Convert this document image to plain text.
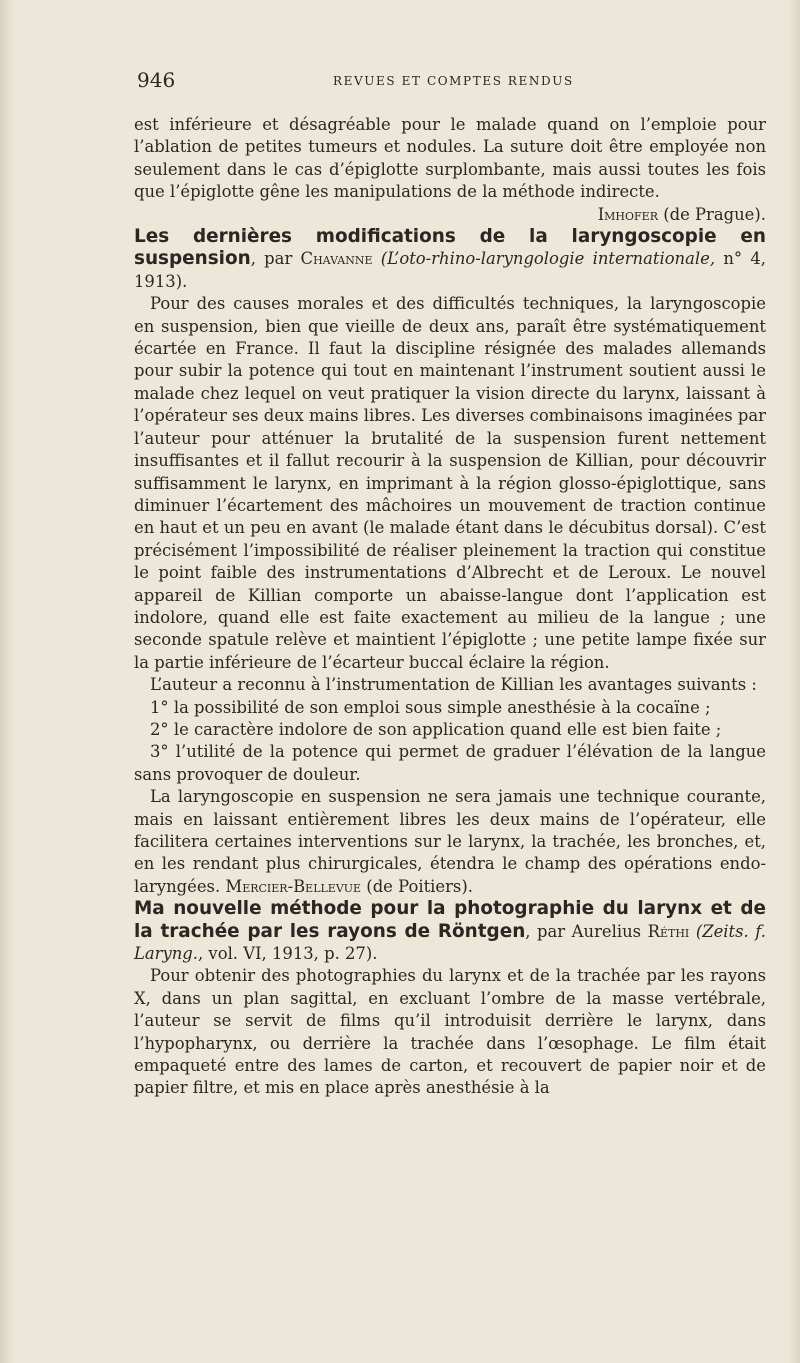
946	REVUES ET COMPTES RENDUS

est inférieure et désagréable pour le malade quand on l’emploie pour l’ablation de petites tumeurs et nodules. La suture doit être employée non seulement dans le cas d’épiglotte surplombante, mais aussi toutes les fois que l’épiglotte gêne les manipulations de la méthode indirecte.

Imhofer (de Prague).

Les dernières modifications de la laryngoscopie en suspension, par Chavanne (L’oto-rhino-laryngologie internationale, n° 4, 1913).

Pour des causes morales et des difficultés techniques, la laryngoscopie en suspension, bien que vieille de deux ans, paraît être systématiquement écartée en France. Il faut la discipline résignée des malades allemands pour subir la potence qui tout en maintenant l’instrument soutient aussi le malade chez lequel on veut pratiquer la vision directe du larynx, laissant à l’opérateur ses deux mains libres. Les diverses combinaisons imaginées par l’auteur pour atténuer la brutalité de la suspension furent nettement insuffisantes et il fallut recourir à la suspension de Killian, pour découvrir suffisamment le larynx, en imprimant à la région glosso-épiglottique, sans diminuer l’écartement des mâchoires un mouvement de traction continue en haut et un peu en avant (le malade étant dans le décubitus dorsal). C’est précisément l’impossibilité de réaliser pleinement la traction qui constitue le point faible des instrumentations d’Albrecht et de Leroux. Le nouvel appareil de Killian comporte un abaisse-langue dont l’application est indolore, quand elle est faite exactement au milieu de la langue ; une seconde spatule relève et maintient l’épiglotte ; une petite lampe fixée sur la partie inférieure de l’écarteur buccal éclaire la région.

L’auteur a reconnu à l’instrumentation de Killian les avantages suivants :

1° la possibilité de son emploi sous simple anesthésie à la cocaïne ;

2° le caractère indolore de son application quand elle est bien faite ;

3° l’utilité de la potence qui permet de graduer l’élévation de la langue sans provoquer de douleur.

La laryngoscopie en suspension ne sera jamais une technique courante, mais en laissant entièrement libres les deux mains de l’opérateur, elle facilitera certaines interventions sur le larynx, la trachée, les bronches, et, en les rendant plus chirurgicales, étendra le champ des opérations endo-laryngées. Mercier-Bellevue (de Poitiers).

Ma nouvelle méthode pour la photographie du larynx et de la trachée par les rayons de Röntgen, par Aurelius Réthi (Zeits. f. Laryng., vol. VI, 1913, p. 27).

Pour obtenir des photographies du larynx et de la trachée par les rayons X, dans un plan sagittal, en excluant l’ombre de la masse vertébrale, l’auteur se servit de films qu’il introduisit derrière le larynx, dans l’hypopharynx, ou derrière la trachée dans l’œsophage. Le film était empaqueté entre des lames de carton, et recouvert de papier noir et de papier filtre, et mis en place après anesthésie à la
